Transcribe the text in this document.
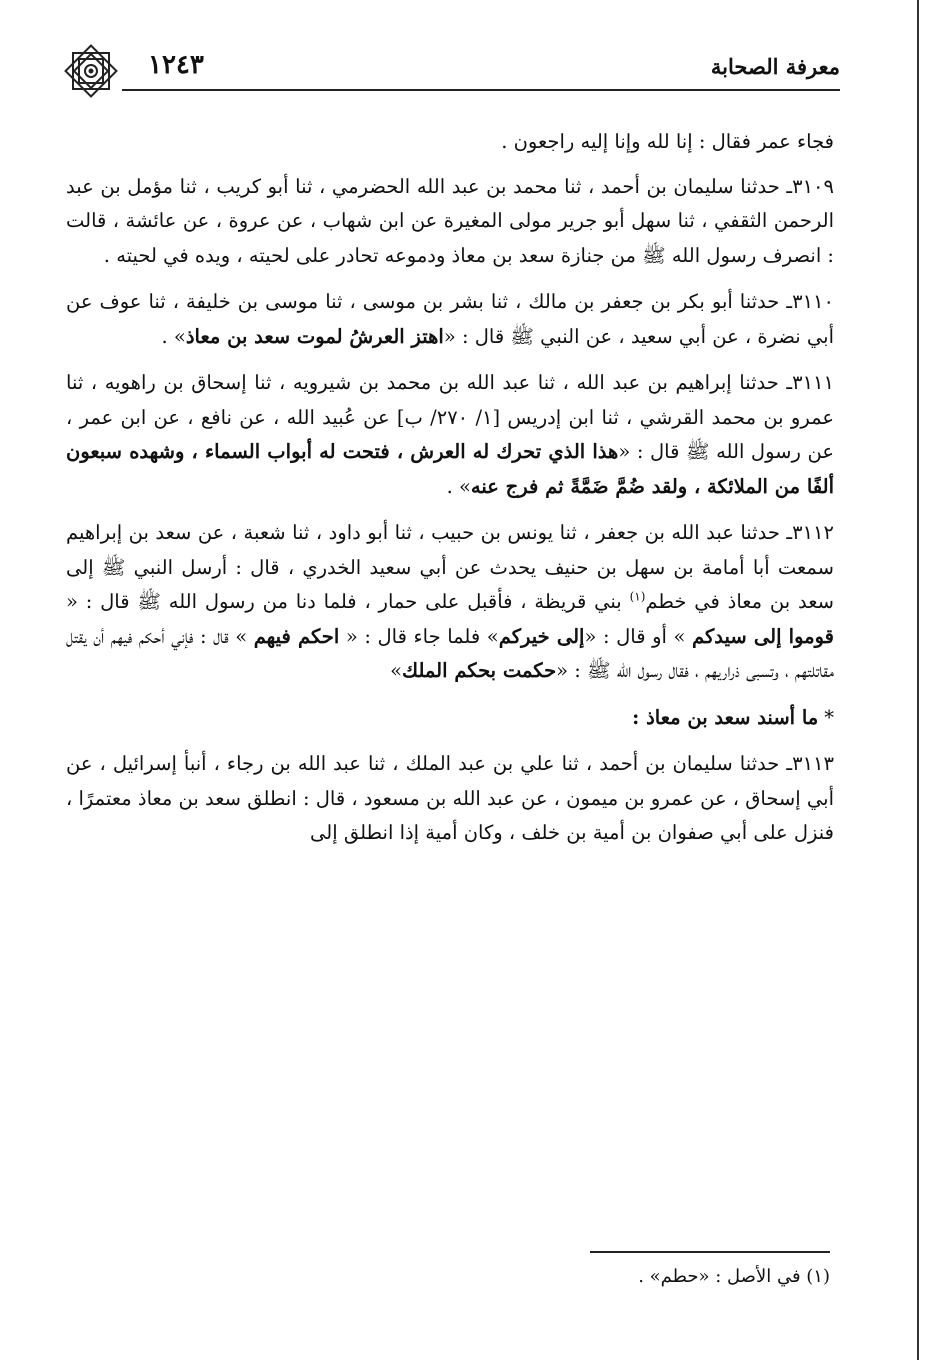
١٢٤٣	معرفة الصحابة

فجاء عمر فقال : إنا لله وإنا إليه راجعون .

٣١٠٩ـ حدثنا سليمان بن أحمد ، ثنا محمد بن عبد الله الحضرمي ، ثنا أبو كريب ، ثنا مؤمل بن عبد الرحمن الثقفي ، ثنا سهل أبو جرير مولى المغيرة عن ابن شهاب ، عن عروة ، عن عائشة ، قالت : انصرف رسول الله ﷺ من جنازة سعد بن معاذ ودموعه تحادر على لحيته ، ويده في لحيته .

٣١١٠ـ حدثنا أبو بكر بن جعفر بن مالك ، ثنا بشر بن موسى ، ثنا موسى بن خليفة ، ثنا عوف عن أبي نضرة ، عن أبي سعيد ، عن النبي ﷺ قال : «اهتز العرشُ لموت سعد بن معاذ» .

٣١١١ـ حدثنا إبراهيم بن عبد الله ، ثنا عبد الله بن محمد بن شيرويه ، ثنا إسحاق بن راهويه ، ثنا عمرو بن محمد القرشي ، ثنا ابن إدريس [١/ ٢٧٠/ ب] عن عُبيد الله ، عن نافع ، عن ابن عمر ، عن رسول الله ﷺ قال : «هذا الذي تحرك له العرش ، فتحت له أبواب السماء ، وشهده سبعون ألفًا من الملائكة ، ولقد ضُمَّ ضَمَّةً ثم فرج عنه» .

٣١١٢ـ حدثنا عبد الله بن جعفر ، ثنا يونس بن حبيب ، ثنا أبو داود ، ثنا شعبة ، عن سعد بن إبراهيم سمعت أبا أمامة بن سهل بن حنيف يحدث عن أبي سعيد الخدري ، قال : أرسل النبي ﷺ إلى سعد بن معاذ في خطم$^{(١)}$ بني قريظة ، فأقبل على حمار ، فلما دنا من رسول الله ﷺ قال : « قوموا إلى سيدكم » أو قال : «إلى خيركم» فلما جاء قال : « احكم فيهم » قال : فإني أحكم فيهم أن يقتل مقاتلتهم ، وتسبى ذراريهم ، فقال رسول الله ﷺ : «حكمت بحكم الملك»

*ما أسند سعد بن معاذ :

٣١١٣ـ حدثنا سليمان بن أحمد ، ثنا علي بن عبد الملك ، ثنا عبد الله بن رجاء ، أنبأ إسرائيل ، عن أبي إسحاق ، عن عمرو بن ميمون ، عن عبد الله بن مسعود ، قال : انطلق سعد بن معاذ معتمرًا ، فنزل على أبي صفوان بن أمية بن خلف ، وكان أمية إذا انطلق إلى

(١) في الأصل : «حطم» .
